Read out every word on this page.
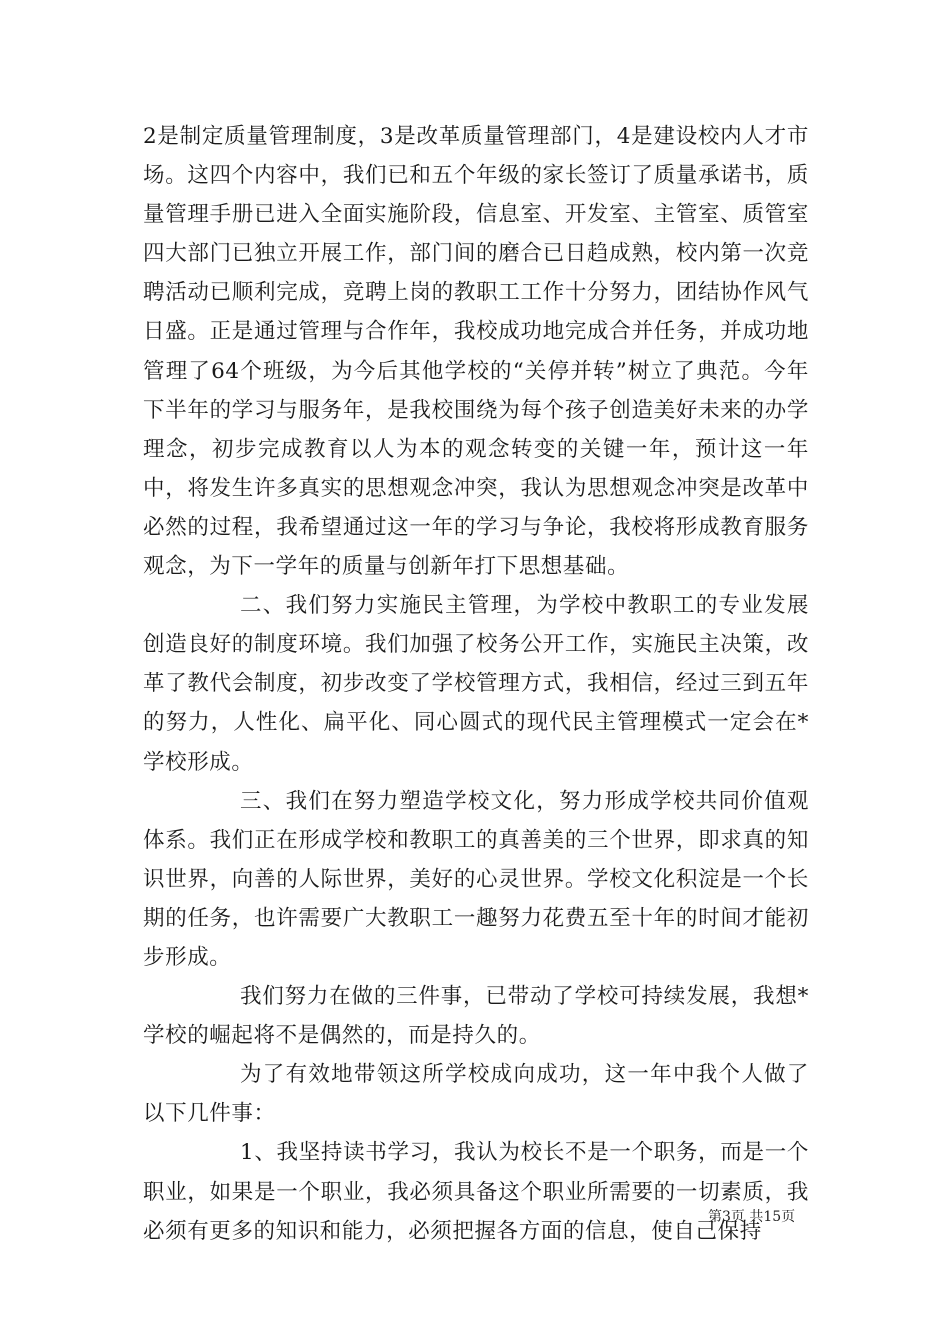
2是制定质量管理制度，3是改革质量管理部门，4是建设校内人才市场。这四个内容中，我们已和五个年级的家长签订了质量承诺书，质量管理手册已进入全面实施阶段，信息室、开发室、主管室、质管室四大部门已独立开展工作，部门间的磨合已日趋成熟，校内第一次竞聘活动已顺利完成，竞聘上岗的教职工工作十分努力，团结协作风气日盛。正是通过管理与合作年，我校成功地完成合并任务，并成功地管理了64个班级，为今后其他学校的“关停并转”树立了典范。今年下半年的学习与服务年，是我校围绕为每个孩子创造美好未来的办学理念，初步完成教育以人为本的观念转变的关键一年，预计这一年中，将发生许多真实的思想观念冲突，我认为思想观念冲突是改革中必然的过程，我希望通过这一年的学习与争论，我校将形成教育服务观念，为下一学年的质量与创新年打下思想基础。

二、我们努力实施民主管理，为学校中教职工的专业发展创造良好的制度环境。我们加强了校务公开工作，实施民主决策，改革了教代会制度，初步改变了学校管理方式，我相信，经过三到五年的努力，人性化、扁平化、同心圆式的现代民主管理模式一定会在*学校形成。

三、我们在努力塑造学校文化，努力形成学校共同价值观体系。我们正在形成学校和教职工的真善美的三个世界，即求真的知识世界，向善的人际世界，美好的心灵世界。学校文化积淀是一个长期的任务，也许需要广大教职工一趣努力花费五至十年的时间才能初步形成。

我们努力在做的三件事，已带动了学校可持续发展，我想*学校的崛起将不是偶然的，而是持久的。

为了有效地带领这所学校成向成功，这一年中我个人做了以下几件事：

1、我坚持读书学习，我认为校长不是一个职务，而是一个职业，如果是一个职业，我必须具备这个职业所需要的一切素质，我必须有更多的知识和能力，必须把握各方面的信息，使自己保持

第3页 共15页
